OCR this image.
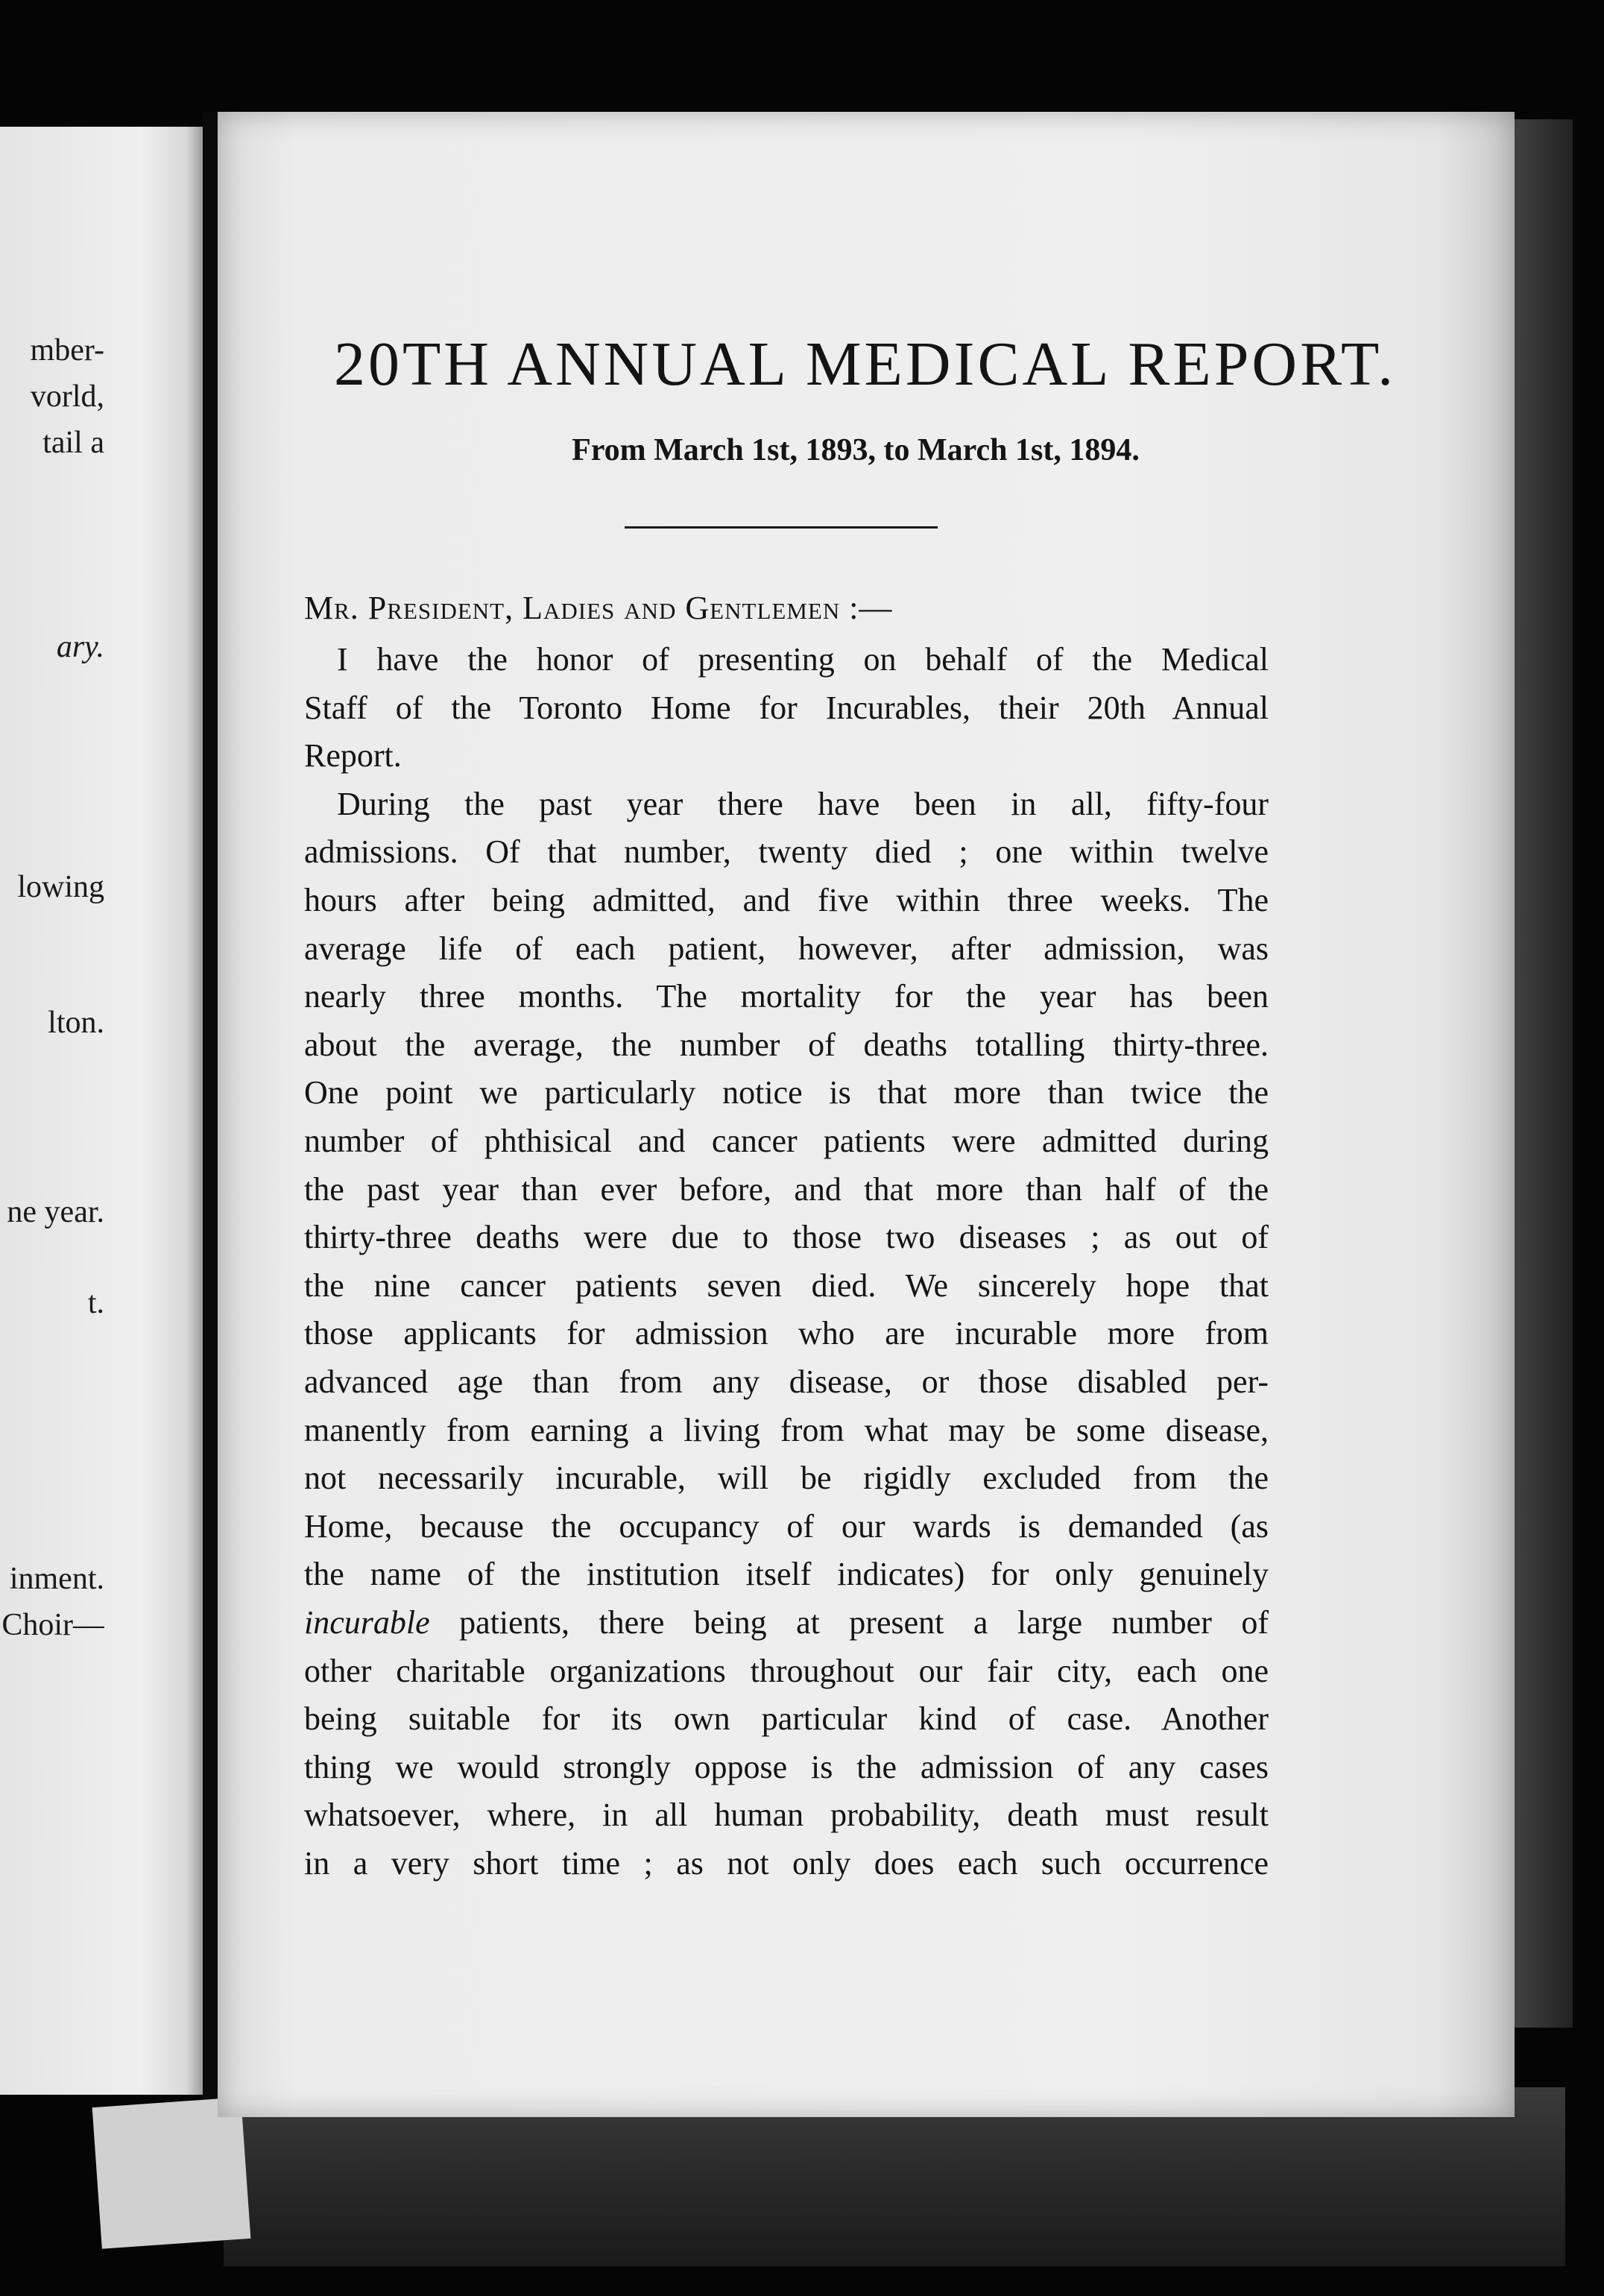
mber-
vorld,
tail a
ary.
lowing
lton.
ne year.
t.
inment.
Choir—
20TH ANNUAL MEDICAL REPORT.
From March 1st, 1893, to March 1st, 1894.
Mr. President, Ladies and Gentlemen :—
I have the honor of presenting on behalf of the Medical
Staff of the Toronto Home for Incurables, their 20th Annual
Report.
During the past year there have been in all, fifty-four
admissions. Of that number, twenty died ; one within twelve
hours after being admitted, and five within three weeks. The
average life of each patient, however, after admission, was
nearly three months. The mortality for the year has been
about the average, the number of deaths totalling thirty-three.
One point we particularly notice is that more than twice the
number of phthisical and cancer patients were admitted during
the past year than ever before, and that more than half of the
thirty-three deaths were due to those two diseases ; as out of
the nine cancer patients seven died. We sincerely hope that
those applicants for admission who are incurable more from
advanced age than from any disease, or those disabled per-
manently from earning a living from what may be some disease,
not necessarily incurable, will be rigidly excluded from the
Home, because the occupancy of our wards is demanded (as
the name of the institution itself indicates) for only genuinely
incurable patients, there being at present a large number of
other charitable organizations throughout our fair city, each one
being suitable for its own particular kind of case. Another
thing we would strongly oppose is the admission of any cases
whatsoever, where, in all human probability, death must result
in a very short time ; as not only does each such occurrence
